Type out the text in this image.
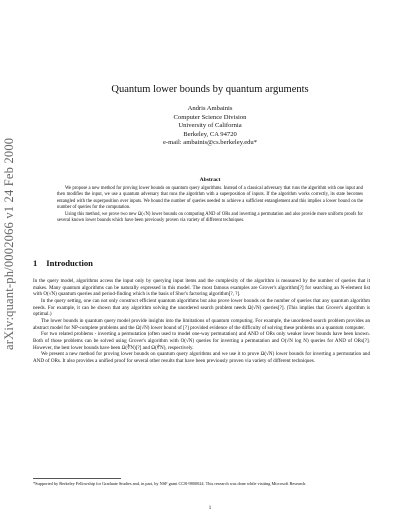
arXiv:quant-ph/0002066 v1 24 Feb 2000
Quantum lower bounds by quantum arguments
Andris Ambainis
Computer Science Division
University of California
Berkeley, CA 94720
e-mail: ambainis@cs.berkeley.edu*
Abstract

We propose a new method for proving lower bounds on quantum query algorithms. Instead of a classical adversary that runs the algorithm with one input and then modifies the input, we use a quantum adversary that runs the algorithm with a superposition of inputs. If the algorithm works correctly, its state becomes entangled with the superposition over inputs. We bound the number of queries needed to achieve a sufficient entanglement and this implies a lower bound on the number of queries for the computation.

Using this method, we prove two new Ω(√N) lower bounds on computing AND of ORs and inverting a permutation and also provide more uniform proofs for several known lower bounds which have been previously proven via variety of different techniques.

1 Introduction

In the query model, algorithms access the input only by querying input items and the complexity of the algorithm is measured by the number of queries that it makes. Many quantum algorithms can be naturally expressed in this model. The most famous examples are Grover's algorithm[?] for searching an N-element list with O(√N) quantum queries and period-finding which is the basis of Shor's factoring algorithm[?, ?].

In the query setting, one can not only construct efficient quantum algorithms but also prove lower bounds on the number of queries that any quantum algorithm needs. For example, it can be shown that any algorithm solving the unordered search problem needs Ω(√N) queries[?]. (This implies that Grover's algorithm is optimal.)

The lower bounds in quantum query model provide insights into the limitations of quantum computing. For example, the unordered search problem provides an abstract model for NP-complete problems and the Ω(√N) lower bound of [?] provided evidence of the difficulty of solving these problems on a quantum computer.

For two related problems - inverting a permutation (often used to model one-way permutation) and AND of ORs only weaker lower bounds have been known. Both of those problems can be solved using Grover's algorithm with O(√N) queries for inverting a permutation and O(√N log N) queries for AND of ORs[?]. However, the best lower bounds have been Ω(∛N)[?] and Ω(∜N), respectively.

We present a new method for proving lower bounds on quantum query algorithms and we use it to prove Ω(√N) lower bounds for inverting a permutation and AND of ORs. It also provides a unified proof for several other results that have been previously proven via variety of different techniques.

*Supported by Berkeley Fellowship for Graduate Studies and, in part, by NSF grant CCR-9800024. This research was done while visiting Microsoft Research.
1
